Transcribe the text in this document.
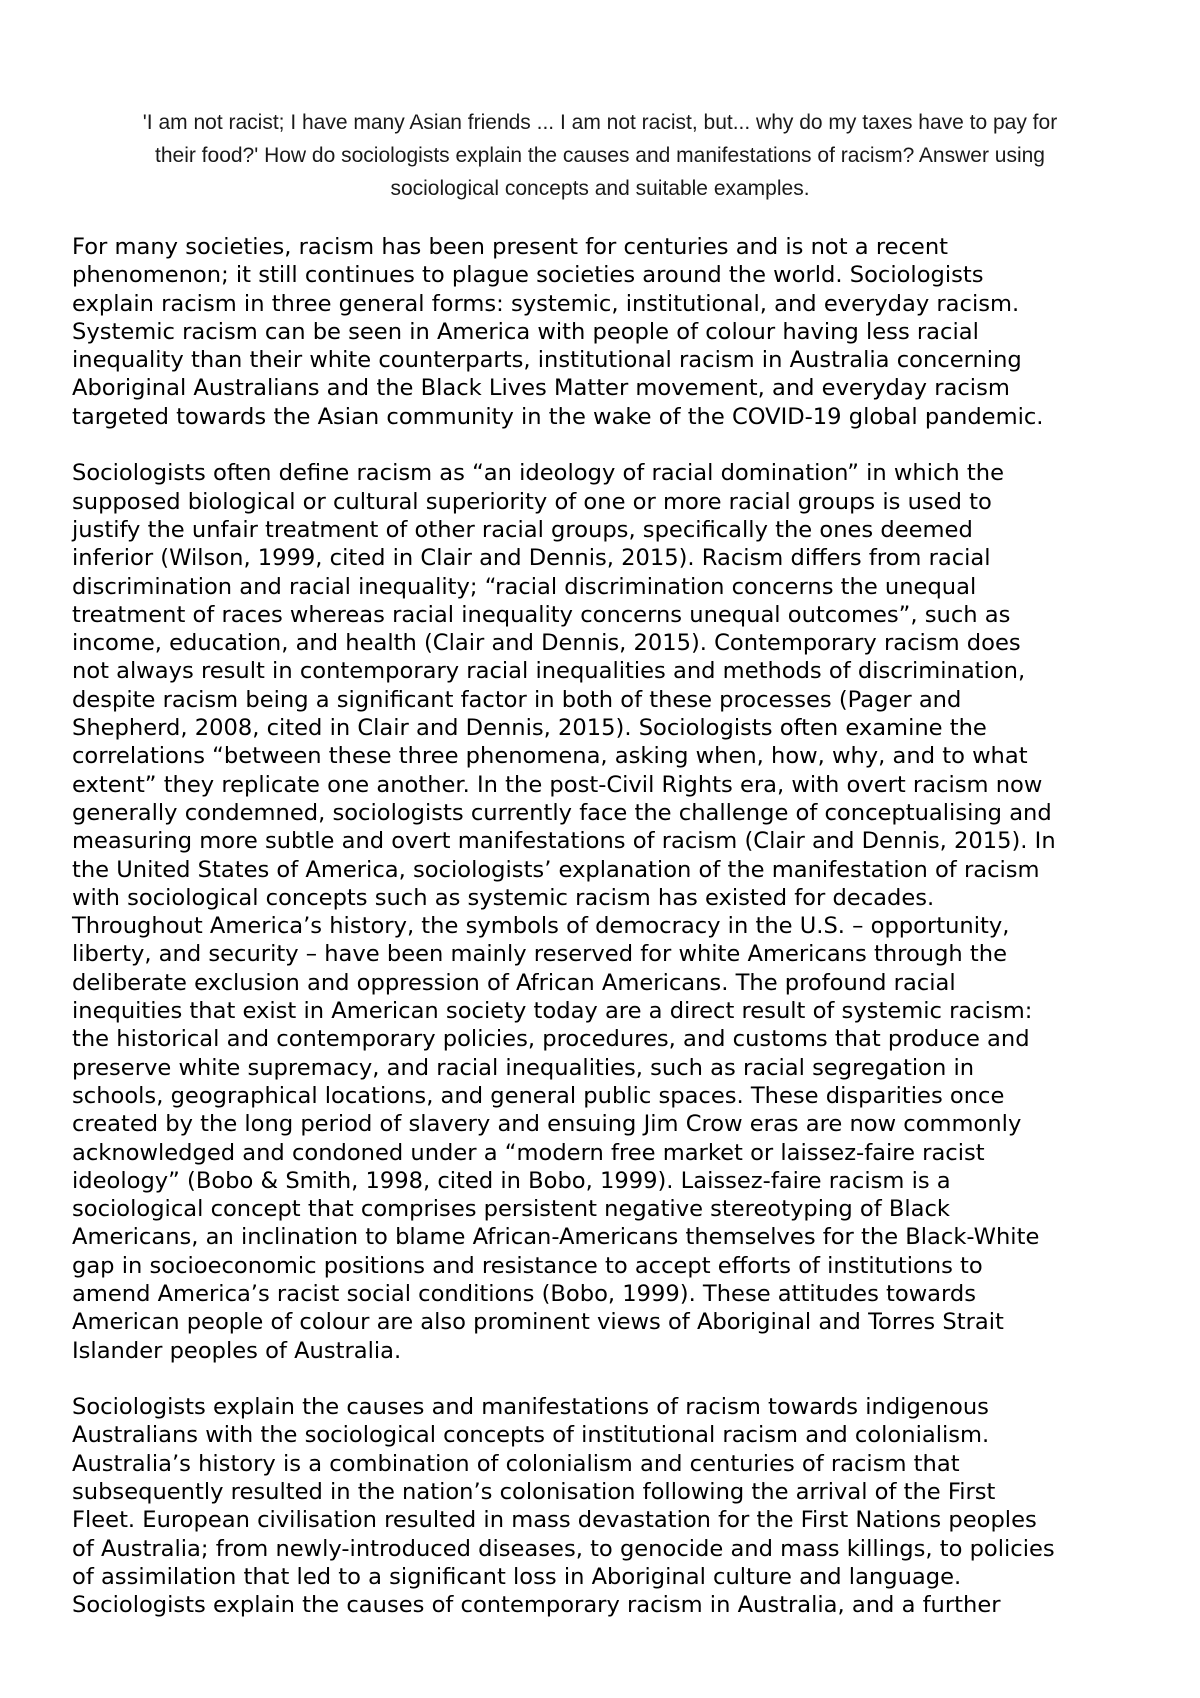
'I am not racist; I have many Asian friends ... I am not racist, but... why do my taxes have to pay for
their food?' How do sociologists explain the causes and manifestations of racism? Answer using
sociological concepts and suitable examples.

For many societies, racism has been present for centuries and is not a recent
phenomenon; it still continues to plague societies around the world. Sociologists
explain racism in three general forms: systemic, institutional, and everyday racism.
Systemic racism can be seen in America with people of colour having less racial
inequality than their white counterparts, institutional racism in Australia concerning
Aboriginal Australians and the Black Lives Matter movement, and everyday racism
targeted towards the Asian community in the wake of the COVID-19 global pandemic.

Sociologists often define racism as “an ideology of racial domination” in which the
supposed biological or cultural superiority of one or more racial groups is used to
justify the unfair treatment of other racial groups, specifically the ones deemed
inferior (Wilson, 1999, cited in Clair and Dennis, 2015). Racism differs from racial
discrimination and racial inequality; “racial discrimination concerns the unequal
treatment of races whereas racial inequality concerns unequal outcomes”, such as
income, education, and health (Clair and Dennis, 2015). Contemporary racism does
not always result in contemporary racial inequalities and methods of discrimination,
despite racism being a significant factor in both of these processes (Pager and
Shepherd, 2008, cited in Clair and Dennis, 2015). Sociologists often examine the
correlations “between these three phenomena, asking when, how, why, and to what
extent” they replicate one another. In the post-Civil Rights era, with overt racism now
generally condemned, sociologists currently face the challenge of conceptualising and
measuring more subtle and overt manifestations of racism (Clair and Dennis, 2015). In
the United States of America, sociologists’ explanation of the manifestation of racism
with sociological concepts such as systemic racism has existed for decades.
Throughout America’s history, the symbols of democracy in the U.S. – opportunity,
liberty, and security – have been mainly reserved for white Americans through the
deliberate exclusion and oppression of African Americans. The profound racial
inequities that exist in American society today are a direct result of systemic racism:
the historical and contemporary policies, procedures, and customs that produce and
preserve white supremacy, and racial inequalities, such as racial segregation in
schools, geographical locations, and general public spaces. These disparities once
created by the long period of slavery and ensuing Jim Crow eras are now commonly
acknowledged and condoned under a “modern free market or laissez-faire racist
ideology” (Bobo & Smith, 1998, cited in Bobo, 1999). Laissez-faire racism is a
sociological concept that comprises persistent negative stereotyping of Black
Americans, an inclination to blame African-Americans themselves for the Black-White
gap in socioeconomic positions and resistance to accept efforts of institutions to
amend America’s racist social conditions (Bobo, 1999). These attitudes towards
American people of colour are also prominent views of Aboriginal and Torres Strait
Islander peoples of Australia.

Sociologists explain the causes and manifestations of racism towards indigenous
Australians with the sociological concepts of institutional racism and colonialism.
Australia’s history is a combination of colonialism and centuries of racism that
subsequently resulted in the nation’s colonisation following the arrival of the First
Fleet. European civilisation resulted in mass devastation for the First Nations peoples
of Australia; from newly-introduced diseases, to genocide and mass killings, to policies
of assimilation that led to a significant loss in Aboriginal culture and language.
Sociologists explain the causes of contemporary racism in Australia, and a further
